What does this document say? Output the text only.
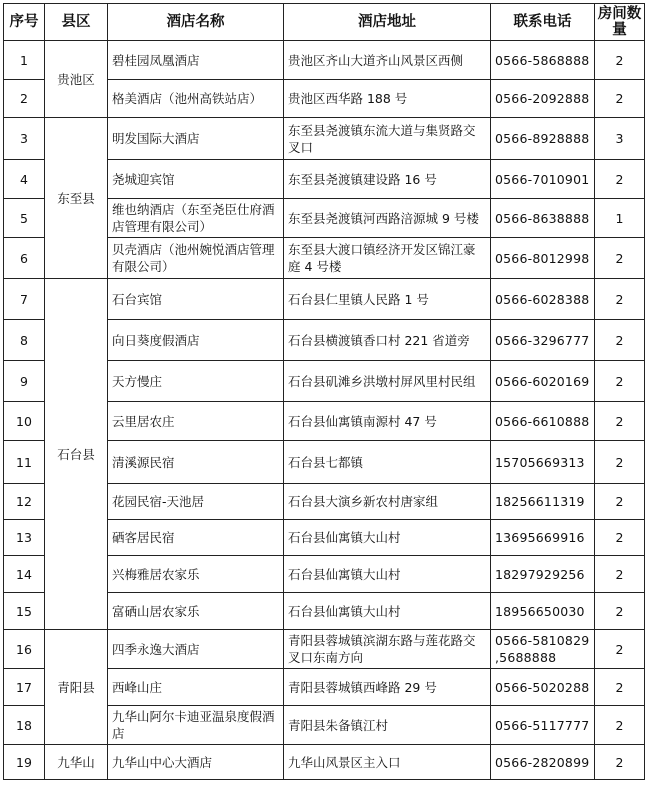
序号	县区	酒店名称	酒店地址	联系电话	房间数量
1	贵池区	碧桂园凤凰酒店	贵池区齐山大道齐山风景区西侧	0566-5868888	2
2		格美酒店（池州高铁站店）	贵池区西华路 188 号	0566-2092888	2
3	东至县	明发国际大酒店	东至县尧渡镇东流大道与集贤路交叉口	0566-8928888	3
4		尧城迎宾馆	东至县尧渡镇建设路 16 号	0566-7010901	2
5		维也纳酒店（东至尧臣仕府酒店管理有限公司）	东至县尧渡镇河西路涪源城 9 号楼	0566-8638888	1
6		贝壳酒店（池州婉悦酒店管理有限公司）	东至县大渡口镇经济开发区锦江豪庭 4 号楼	0566-8012998	2
7	石台县	石台宾馆	石台县仁里镇人民路 1 号	0566-6028388	2
8		向日葵度假酒店	石台县横渡镇香口村 221 省道旁	0566-3296777	2
9		天方慢庄	石台县矶滩乡洪墩村屏风里村民组	0566-6020169	2
10		云里居农庄	石台县仙寓镇南源村 47 号	0566-6610888	2
11		清溪源民宿	石台县七都镇	15705669313	2
12		花园民宿-天池居	石台县大演乡新农村唐家组	18256611319	2
13		硒客居民宿	石台县仙寓镇大山村	13695669916	2
14		兴梅雅居农家乐	石台县仙寓镇大山村	18297929256	2
15		富硒山居农家乐	石台县仙寓镇大山村	18956650030	2
16	青阳县	四季永逸大酒店	青阳县蓉城镇滨湖东路与莲花路交叉口东南方向	0566-5810829 ,5688888	2
17		西峰山庄	青阳县蓉城镇西峰路 29 号	0566-5020288	2
18		九华山阿尔卡迪亚温泉度假酒店	青阳县朱备镇江村	0566-5117777	2
19	九华山	九华山中心大酒店	九华山风景区主入口	0566-2820899	2
